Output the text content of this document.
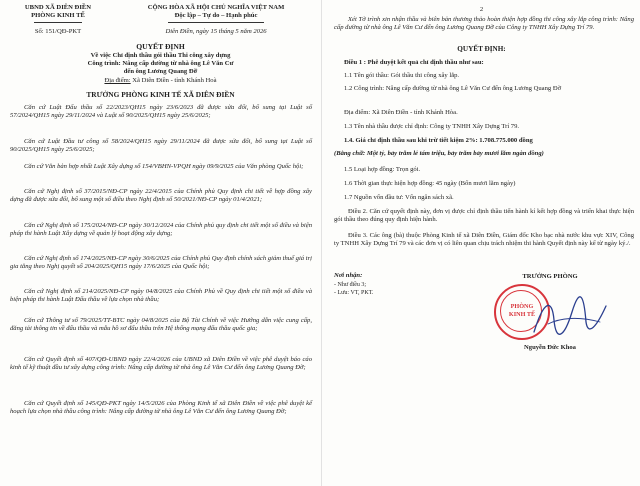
UBND XÃ DIÊN ĐIỀN
PHÒNG KINH TẾ
Số: 151/QĐ-PKT
CỘNG HÒA XÃ HỘI CHỦ NGHĨA VIỆT NAM
Độc lập – Tự do – Hạnh phúc
Diên Điền, ngày 15 tháng 5 năm 2026
QUYẾT ĐỊNH
Về việc Chỉ định thầu gói thầu Thi công xây dựng
Công trình: Nâng cấp đường từ nhà ông Lê Văn Cư
đến ông Lương Quang Đỡ
Địa điểm: Xã Diên Điền - tỉnh Khánh Hoà
TRƯỞNG PHÒNG KINH TẾ XÃ DIÊN ĐIỀN
Căn cứ Luật Đấu thầu số 22/2023/QH15 ngày 23/6/2023 đã được sửa đổi, bổ sung tại Luật số 57/2024/QH15 ngày 29/11/2024 và Luật số 90/2025/QH15 ngày 25/6/2025;
Căn cứ Luật Đầu tư công số 58/2024/QH15 ngày 29/11/2024 đã được sửa đổi, bổ sung tại Luật số 90/2025/QH15 ngày 25/6/2025;
Căn cứ Văn bản hợp nhất Luật Xây dựng số 154/VBHN-VPQH ngày 09/9/2025 của Văn phòng Quốc hội;
Căn cứ Nghị định số 37/2015/NĐ-CP ngày 22/4/2015 của Chính phủ Quy định chi tiết về hợp đồng xây dựng đã được sửa đổi, bổ sung một số điều theo Nghị định số 50/2021/NĐ-CP ngày 01/4/2021;
Căn cứ Nghị định số 175/2024/NĐ-CP ngày 30/12/2024 của Chính phủ quy định chi tiết một số điều và biện pháp thi hành Luật Xây dựng về quản lý hoạt động xây dựng;
Căn cứ Nghị định số 174/2025/NĐ-CP ngày 30/6/2025 của Chính phủ Quy định chính sách giảm thuế giá trị gia tăng theo Nghị quyết số 204/2025/QH15 ngày 17/6/2025 của Quốc hội;
Căn cứ Nghị định số 214/2025/NĐ-CP ngày 04/8/2025 của Chính Phủ về Quy định chi tiết một số điều và biện pháp thi hành Luật Đấu thầu về lựa chọn nhà thầu;
Căn cứ Thông tư số 79/2025/TT-BTC ngày 04/8/2025 của Bộ Tài Chính về việc Hướng dẫn việc cung cấp, đăng tải thông tin về đấu thầu và mẫu hồ sơ đấu thầu trên Hệ thống mạng đấu thầu quốc gia;
Căn cứ Quyết định số 407/QĐ-UBND ngày 22/4/2026 của UBND xã Diên Điền về việc phê duyệt báo cáo kinh tế kỹ thuật đầu tư xây dựng công trình: Nâng cấp đường từ nhà ông Lê Văn Cư đến ông Lương Quang Đỡ;
Căn cứ Quyết định số 145/QĐ-PKT ngày 14/5/2026 của Phòng Kinh tế xã Diên Điền về việc phê duyệt kế hoạch lựa chọn nhà thầu công trình: Nâng cấp đường từ nhà ông Lê Văn Cư đến ông Lương Quang Đỡ;
2
Xét Tờ trình xin nhận thầu và biên bản thương thảo hoàn thiện hợp đồng thi công xây lắp công trình: Nâng cấp đường từ nhà ông Lê Văn Cư đến ông Lương Quang Đỡ của Công ty TNHH Xây Dựng Trí 79.
QUYẾT ĐỊNH:
Điều 1 : Phê duyệt kết quả chỉ định thầu như sau:
1.1 Tên gói thầu: Gói thầu thi công xây lắp.
1.2 Công trình: Nâng cấp đường từ nhà ông Lê Văn Cư đến ông Lương Quang Đỡ
Địa điểm: Xã Diên Điền - tỉnh Khánh Hòa.
1.3 Tên nhà thầu được chỉ định: Công ty TNHH Xây Dựng Trí 79.
1.4. Giá chỉ định thầu sau khi trừ tiết kiệm 2%: 1.708.775.000 đồng
(Bằng chữ: Một tỷ, bảy trăm lẻ tám triệu, bảy trăm bảy mươi lăm ngàn đồng)
1.5 Loại hợp đồng: Trọn gói.
1.6 Thời gian thực hiện hợp đồng: 45 ngày (Bốn mươi lăm ngày)
1.7 Nguồn vốn đầu tư: Vốn ngân sách xã.
Điều 2. Căn cứ quyết định này, đơn vị được chỉ định thầu tiến hành kí kết hợp đồng và triển khai thực hiện gói thầu theo đúng quy định hiện hành.
Điều 3. Các ông (bà) thuộc Phòng Kinh tế xã Diên Điền, Giám đốc Kho bạc nhà nước khu vực XIV, Công ty TNHH Xây Dựng Trí 79 và các đơn vị có liên quan chịu trách nhiệm thi hành Quyết định này kể từ ngày ký./.
Nơi nhận:
- Như điều 3;
- Lưu: VT, PKT.
TRƯỞNG PHÒNG
PHÒNG
KINH TẾ
Nguyễn Đức Khoa
